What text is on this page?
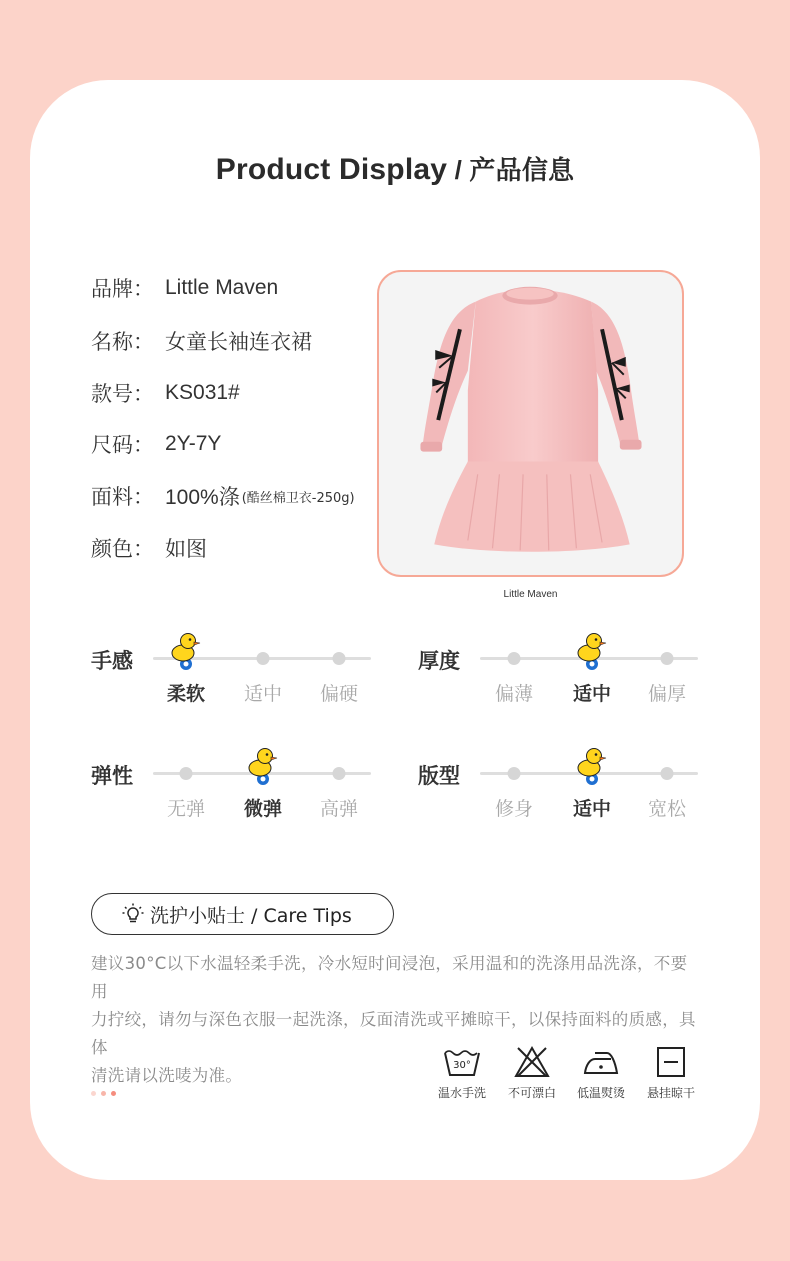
Product Display / 产品信息
品牌： Little Maven
名称： 女童长袖连衣裙
款号： KS031#
尺码： 2Y-7Y
面料： 100%涤 (酷丝棉卫衣-250g)
颜色： 如图
Little Maven
手感
柔软 适中 偏硬
厚度
偏薄 适中 偏厚
弹性
无弹 微弹 高弹
版型
修身 适中 宽松
洗护小贴士 / Care Tips
建议30°C以下水温轻柔手洗，冷水短时间浸泡，采用温和的洗涤用品洗涤，不要用
力拧绞，请勿与深色衣服一起洗涤，反面清洗或平摊晾干，以保持面料的质感，具体
清洗请以洗唛为准。
30°
温水手洗	不可漂白	低温熨烫	悬挂晾干
